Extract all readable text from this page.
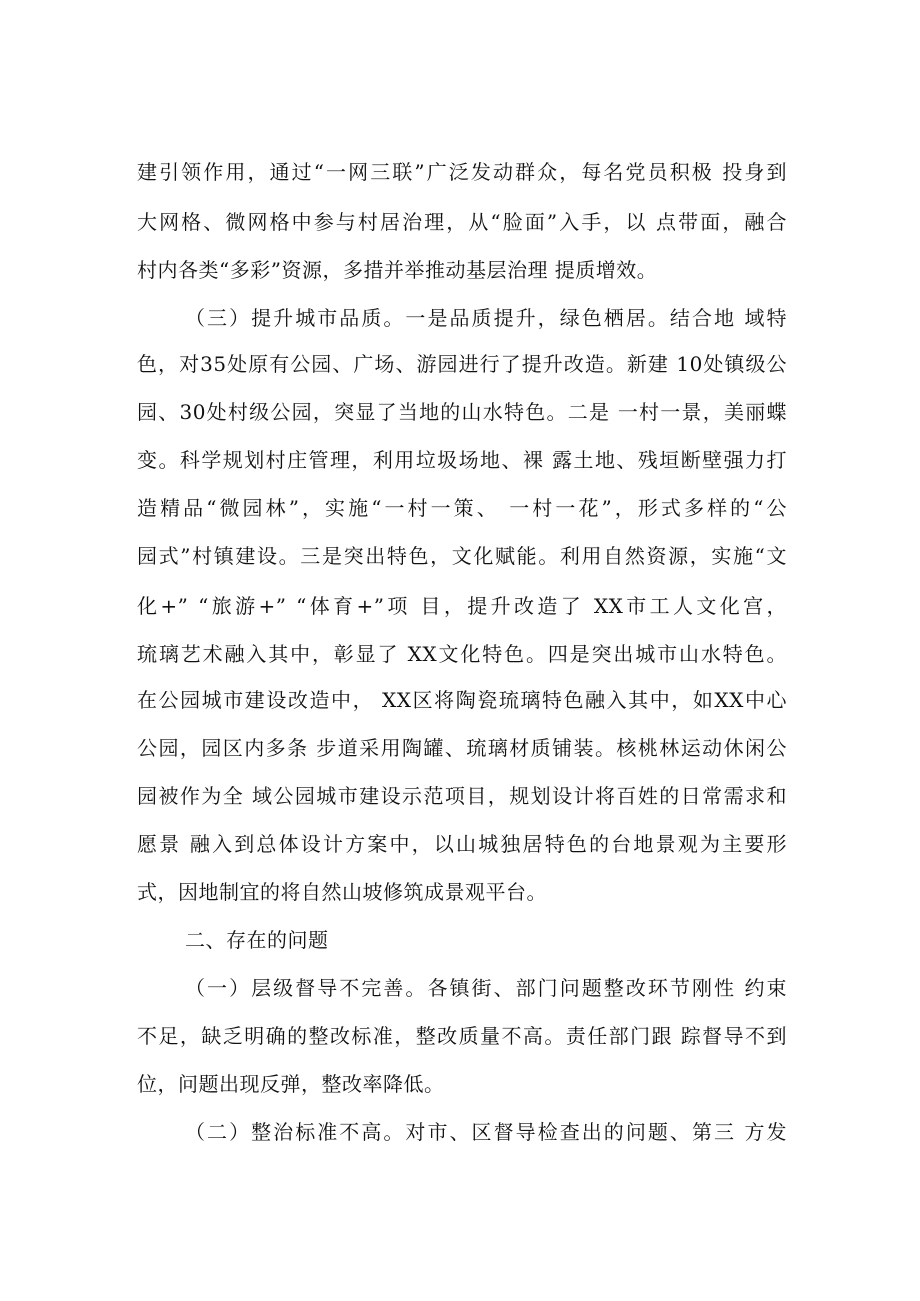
建引领作用，通过“一网三联”广泛发动群众，每名党员积极 投身到
大网格、微网格中参与村居治理，从“脸面”入手，以 点带面，融合
村内各类“多彩”资源，多措并举推动基层治理 提质增效。
（三）提升城市品质。一是品质提升，绿色栖居。结合地 域特
色，对35处原有公园、广场、游园进行了提升改造。新建 10处镇级公
园、30处村级公园，突显了当地的山水特色。二是 一村一景，美丽蝶
变。科学规划村庄管理，利用垃圾场地、裸 露土地、残垣断壁强力打
造精品“微园林”，实施“一村一策、 一村一花”，形式多样的“公
园式”村镇建设。三是突出特色，文化赋能。利用自然资源，实施“文
化+” “旅游+” “体育+”项 目，提升改造了 XX市工人文化宫，
琉璃艺术融入其中，彰显了 XX文化特色。四是突出城市山水特色。
在公园城市建设改造中， XX区将陶瓷琉璃特色融入其中，如XX中心
公园，园区内多条 步道采用陶罐、琉璃材质铺装。核桃林运动休闲公
园被作为全 域公园城市建设示范项目，规划设计将百姓的日常需求和
愿景 融入到总体设计方案中，以山城独居特色的台地景观为主要形
式，因地制宜的将自然山坡修筑成景观平台。
二、存在的问题
（一）层级督导不完善。各镇街、部门问题整改环节刚性 约束
不足，缺乏明确的整改标准，整改质量不高。责任部门跟 踪督导不到
位，问题出现反弹，整改率降低。
（二）整治标准不高。对市、区督导检查出的问题、第三 方发
